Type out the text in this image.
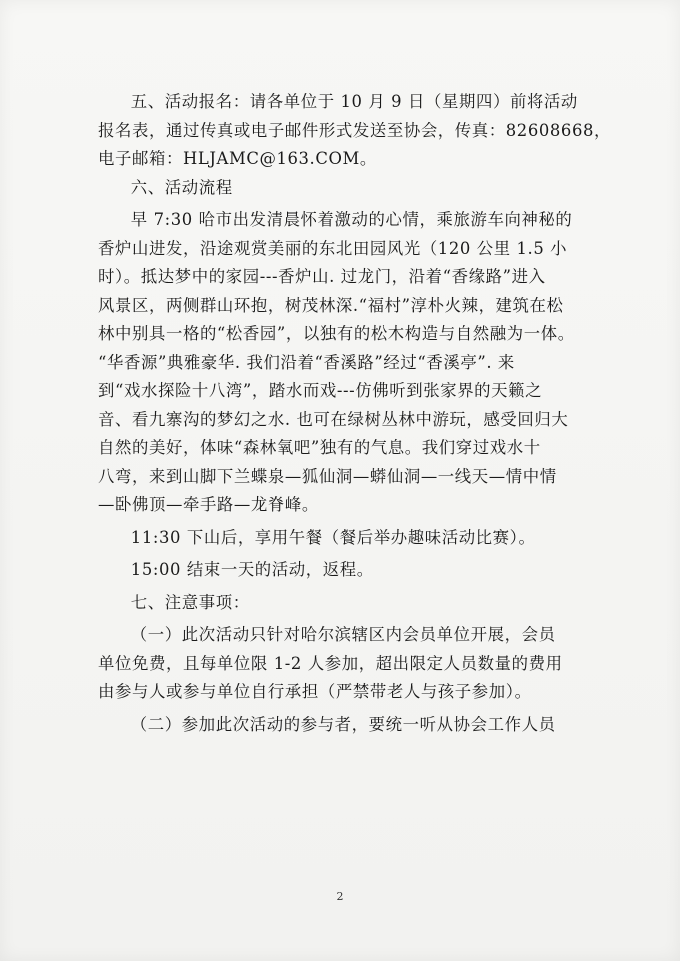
五、活动报名：请各单位于 10 月 9 日（星期四）前将活动
报名表，通过传真或电子邮件形式发送至协会，传真：82608668，
电子邮箱：HLJAMC@163.COM。
六、活动流程
早 7:30 哈市出发清晨怀着激动的心情，乘旅游车向神秘的
香炉山进发，沿途观赏美丽的东北田园风光（120 公里 1.5 小
时）。抵达梦中的家园---香炉山. 过龙门，沿着“香缘路”进入
风景区，两侧群山环抱，树茂林深.“福村”淳朴火辣，建筑在松
林中别具一格的“松香园”，以独有的松木构造与自然融为一体。
“华香源”典雅豪华. 我们沿着“香溪路”经过“香溪亭”. 来
到“戏水探险十八湾”，踏水而戏---仿佛听到张家界的天籁之
音、看九寨沟的梦幻之水. 也可在绿树丛林中游玩，感受回归大
自然的美好，体味“森林氧吧”独有的气息。我们穿过戏水十
八弯，来到山脚下兰蝶泉—狐仙洞—蟒仙洞—一线天—情中情
—卧佛顶—牵手路—龙脊峰。
11:30 下山后，享用午餐（餐后举办趣味活动比赛）。
15:00 结束一天的活动，返程。
七、注意事项：
（一）此次活动只针对哈尔滨辖区内会员单位开展，会员
单位免费，且每单位限 1-2 人参加，超出限定人员数量的费用
由参与人或参与单位自行承担（严禁带老人与孩子参加）。
（二）参加此次活动的参与者，要统一听从协会工作人员
2
